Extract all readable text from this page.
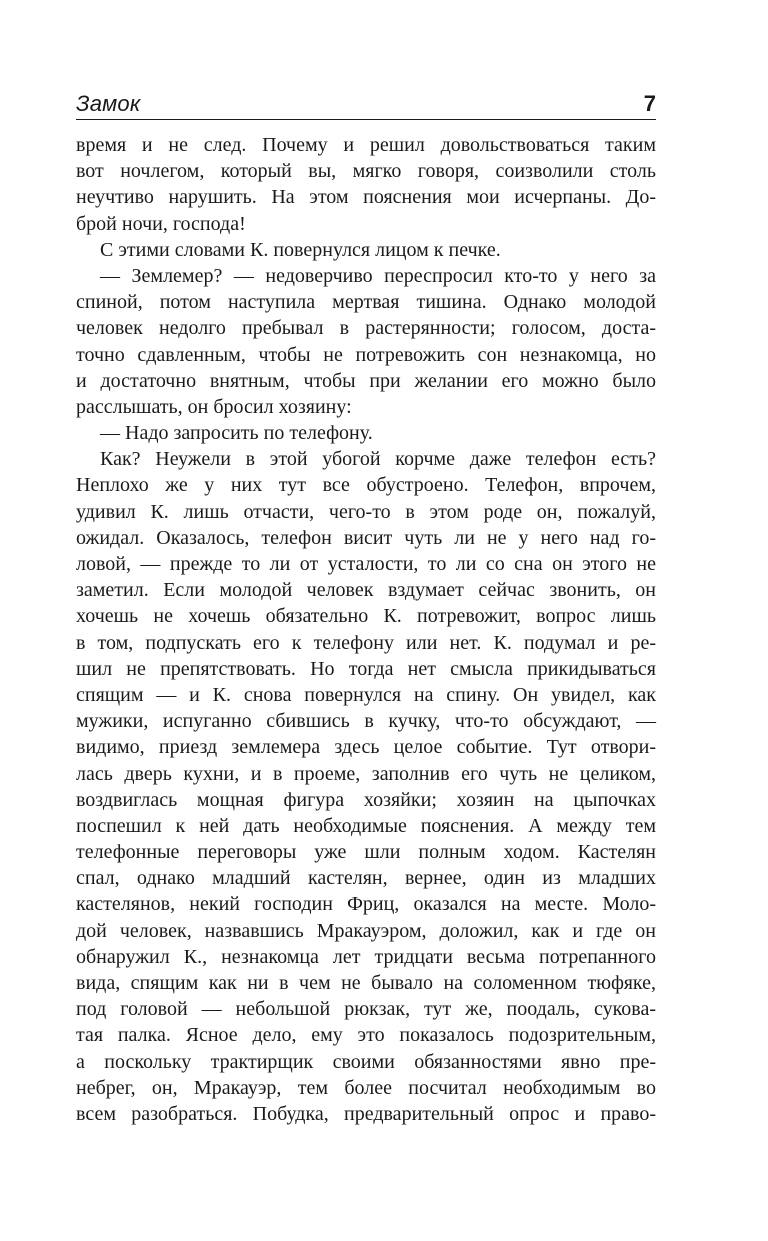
Замок	7
время и не след. Почему и решил довольствоваться таким
вот ночлегом, который вы, мягко говоря, соизволили столь
неучтиво нарушить. На этом пояснения мои исчерпаны. До-
брой ночи, господа!
С этими словами К. повернулся лицом к печке.
— Землемер? — недоверчиво переспросил кто-то у него за
спиной, потом наступила мертвая тишина. Однако молодой
человек недолго пребывал в растерянности; голосом, доста-
точно сдавленным, чтобы не потревожить сон незнакомца, но
и достаточно внятным, чтобы при желании его можно было
расслышать, он бросил хозяину:
— Надо запросить по телефону.
Как? Неужели в этой убогой корчме даже телефон есть?
Неплохо же у них тут все обустроено. Телефон, впрочем,
удивил К. лишь отчасти, чего-то в этом роде он, пожалуй,
ожидал. Оказалось, телефон висит чуть ли не у него над го-
ловой, — прежде то ли от усталости, то ли со сна он этого не
заметил. Если молодой человек вздумает сейчас звонить, он
хочешь не хочешь обязательно К. потревожит, вопрос лишь
в том, подпускать его к телефону или нет. К. подумал и ре-
шил не препятствовать. Но тогда нет смысла прикидываться
спящим — и К. снова повернулся на спину. Он увидел, как
мужики, испуганно сбившись в кучку, что-то обсуждают, —
видимо, приезд землемера здесь целое событие. Тут отвори-
лась дверь кухни, и в проеме, заполнив его чуть не целиком,
воздвиглась мощная фигура хозяйки; хозяин на цыпочках
поспешил к ней дать необходимые пояснения. А между тем
телефонные переговоры уже шли полным ходом. Кастелян
спал, однако младший кастелян, вернее, один из младших
кастелянов, некий господин Фриц, оказался на месте. Моло-
дой человек, назвавшись Мракауэром, доложил, как и где он
обнаружил К., незнакомца лет тридцати весьма потрепанного
вида, спящим как ни в чем не бывало на соломенном тюфяке,
под головой — небольшой рюкзак, тут же, поодаль, сукова-
тая палка. Ясное дело, ему это показалось подозрительным,
а поскольку трактирщик своими обязанностями явно пре-
небрег, он, Мракауэр, тем более посчитал необходимым во
всем разобраться. Побудка, предварительный опрос и право-
